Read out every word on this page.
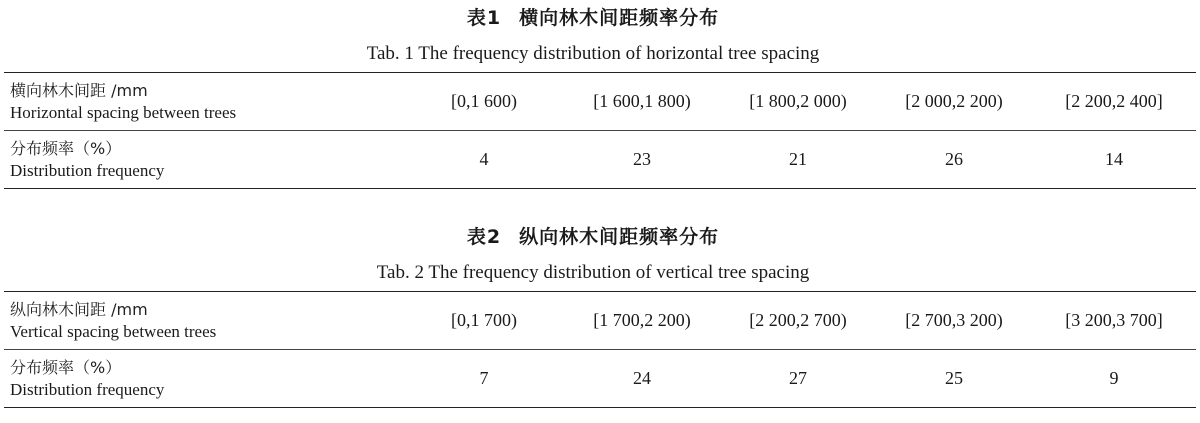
表1 横向林木间距频率分布
Tab. 1 The frequency distribution of horizontal tree spacing
横向林木间距 /mm
Horizontal spacing between trees	[0,1 600)	[1 600,1 800)	[1 800,2 000)	[2 000,2 200)	[2 200,2 400]

分布频率（%）
Distribution frequency	4	23	21	26	14
表2 纵向林木间距频率分布
Tab. 2 The frequency distribution of vertical tree spacing
纵向林木间距 /mm
Vertical spacing between trees	[0,1 700)	[1 700,2 200)	[2 200,2 700)	[2 700,3 200)	[3 200,3 700]

分布频率（%）
Distribution frequency	7	24	27	25	9
